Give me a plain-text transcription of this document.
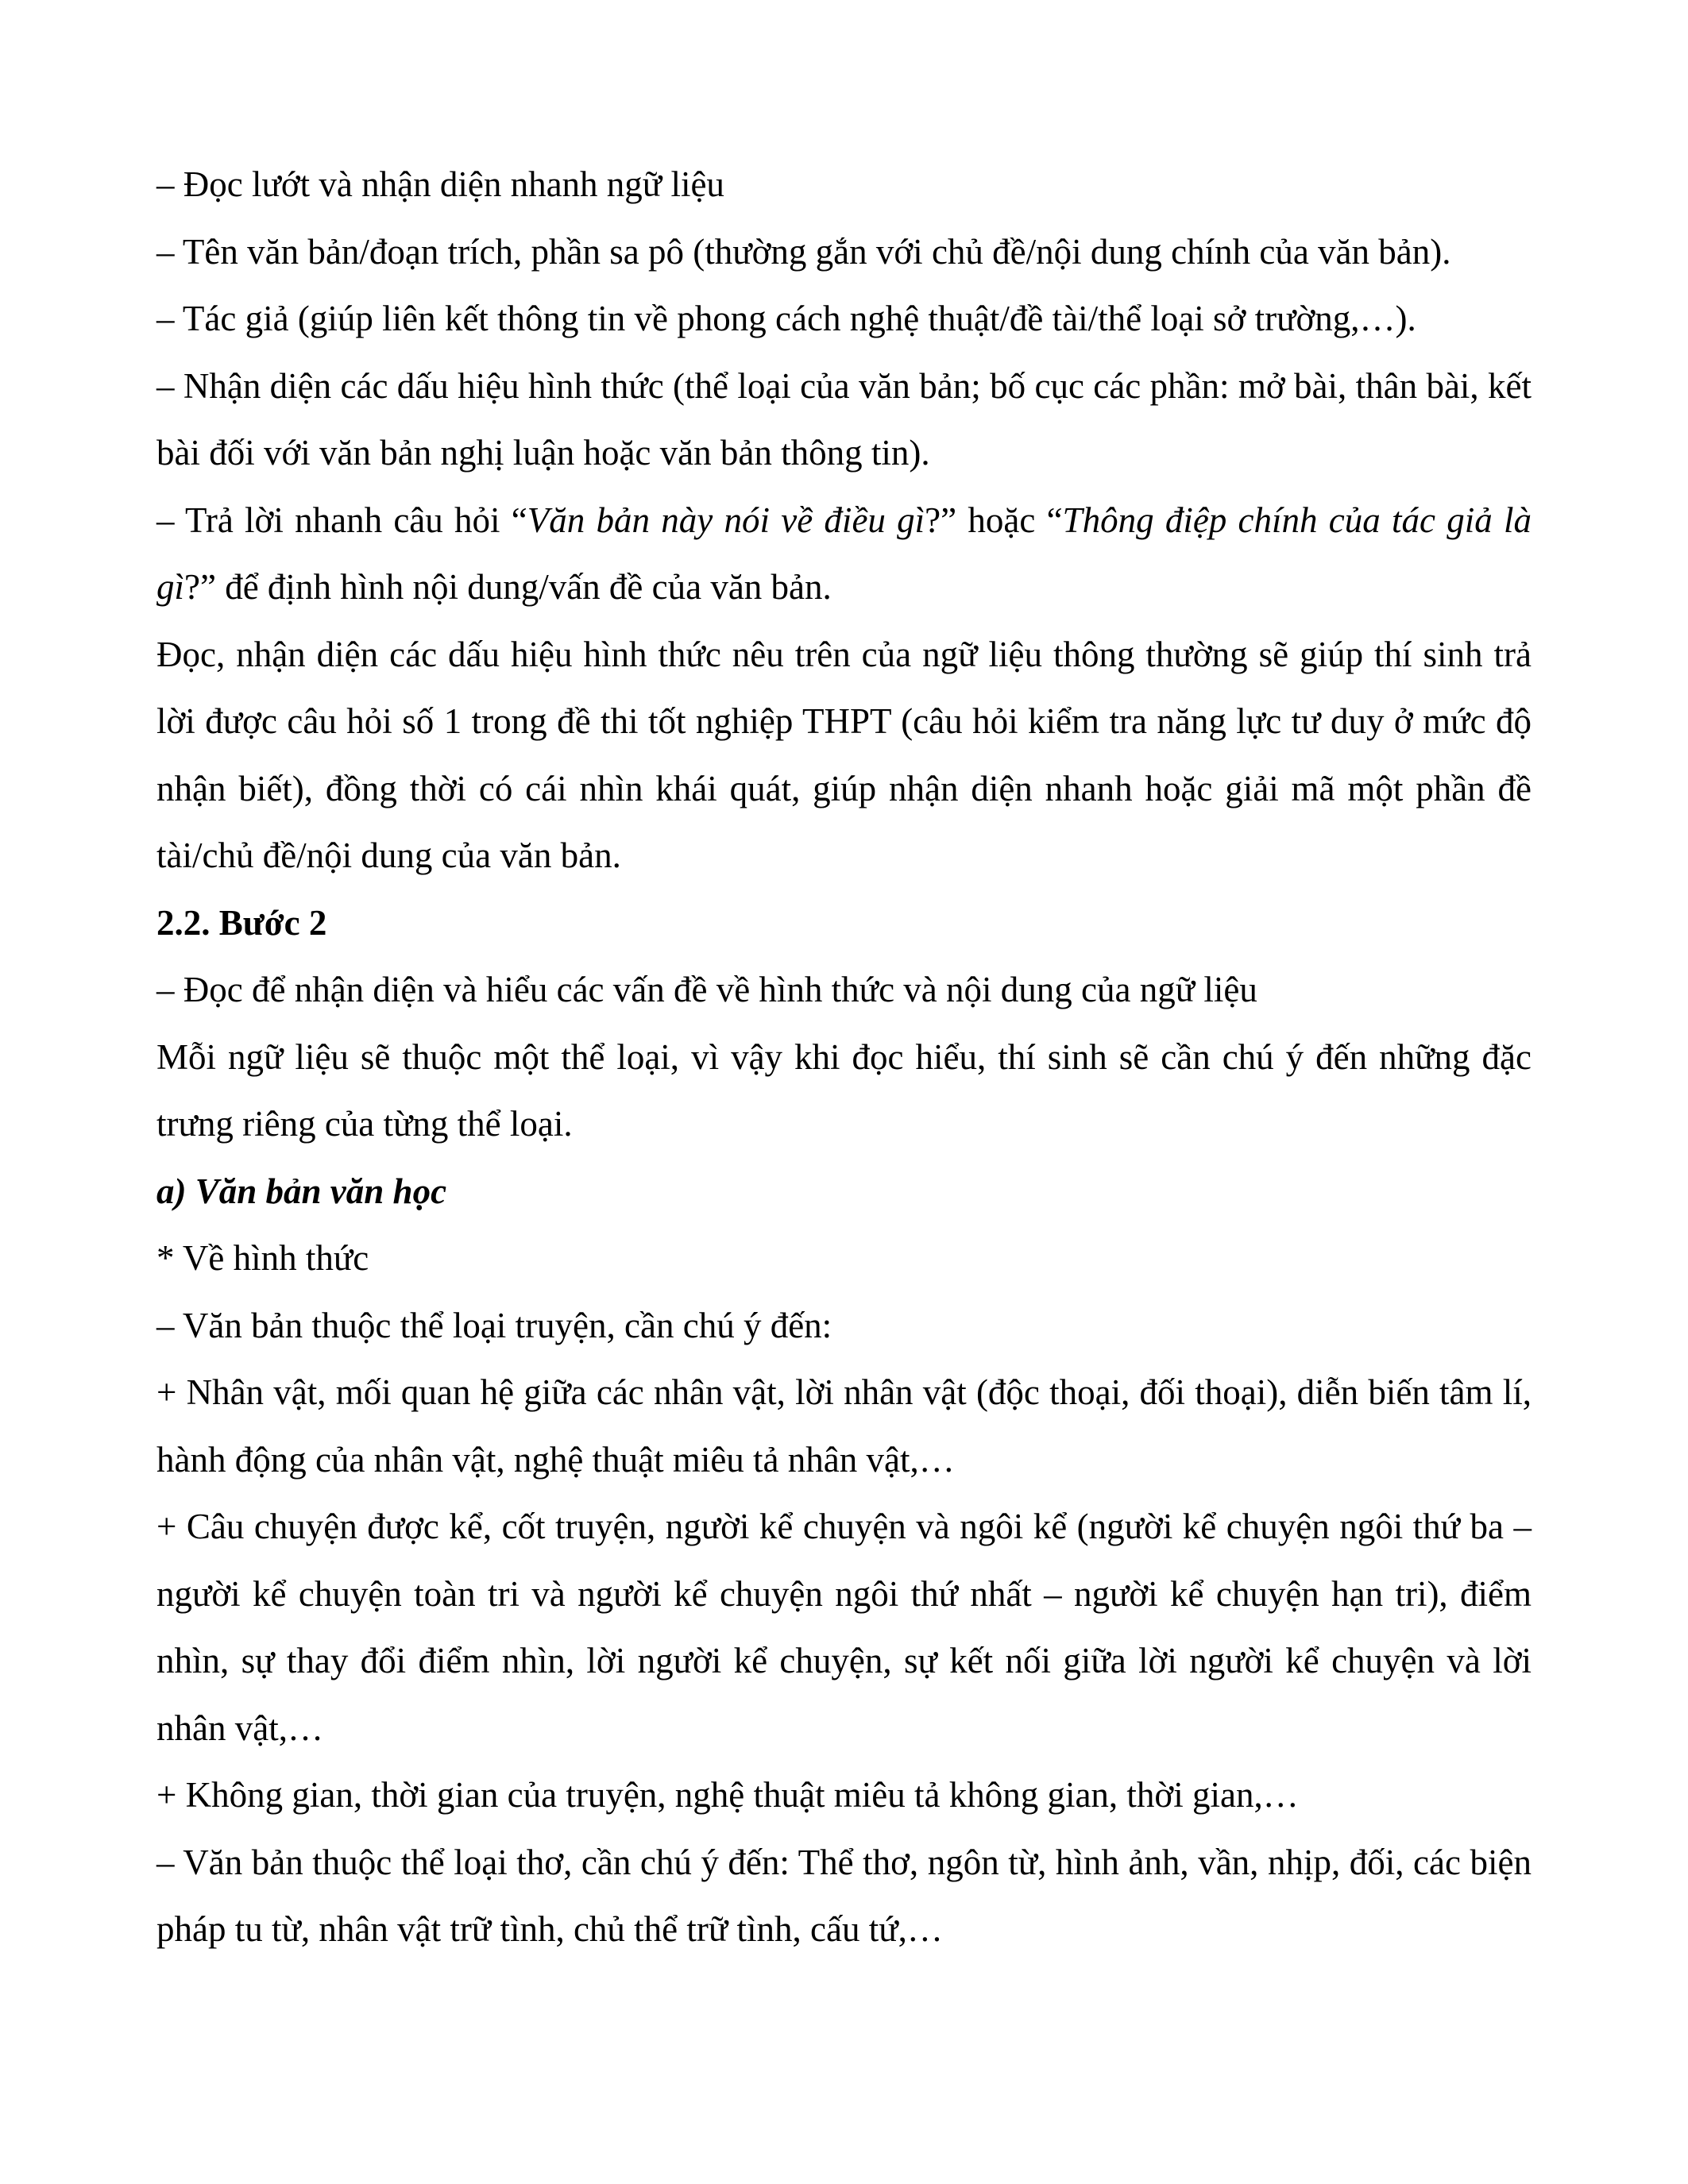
– Đọc lướt và nhận diện nhanh ngữ liệu

– Tên văn bản/đoạn trích, phần sa pô (thường gắn với chủ đề/nội dung chính của văn bản).

– Tác giả (giúp liên kết thông tin về phong cách nghệ thuật/đề tài/thể loại sở trường,…).

– Nhận diện các dấu hiệu hình thức (thể loại của văn bản; bố cục các phần: mở bài, thân bài, kết bài đối với văn bản nghị luận hoặc văn bản thông tin).

– Trả lời nhanh câu hỏi “Văn bản này nói về điều gì?” hoặc “Thông điệp chính của tác giả là gì?” để định hình nội dung/vấn đề của văn bản.

Đọc, nhận diện các dấu hiệu hình thức nêu trên của ngữ liệu thông thường sẽ giúp thí sinh trả lời được câu hỏi số 1 trong đề thi tốt nghiệp THPT (câu hỏi kiểm tra năng lực tư duy ở mức độ nhận biết), đồng thời có cái nhìn khái quát, giúp nhận diện nhanh hoặc giải mã một phần đề tài/chủ đề/nội dung của văn bản.

2.2. Bước 2

– Đọc để nhận diện và hiểu các vấn đề về hình thức và nội dung của ngữ liệu

Mỗi ngữ liệu sẽ thuộc một thể loại, vì vậy khi đọc hiểu, thí sinh sẽ cần chú ý đến những đặc trưng riêng của từng thể loại.

a) Văn bản văn học

* Về hình thức

– Văn bản thuộc thể loại truyện, cần chú ý đến:

+ Nhân vật, mối quan hệ giữa các nhân vật, lời nhân vật (độc thoại, đối thoại), diễn biến tâm lí, hành động của nhân vật, nghệ thuật miêu tả nhân vật,…

+ Câu chuyện được kể, cốt truyện, người kể chuyện và ngôi kể (người kể chuyện ngôi thứ ba – người kể chuyện toàn tri và người kể chuyện ngôi thứ nhất – người kể chuyện hạn tri), điểm nhìn, sự thay đổi điểm nhìn, lời người kể chuyện, sự kết nối giữa lời người kể chuyện và lời nhân vật,…

+ Không gian, thời gian của truyện, nghệ thuật miêu tả không gian, thời gian,…

– Văn bản thuộc thể loại thơ, cần chú ý đến: Thể thơ, ngôn từ, hình ảnh, vần, nhịp, đối, các biện pháp tu từ, nhân vật trữ tình, chủ thể trữ tình, cấu tứ,…
